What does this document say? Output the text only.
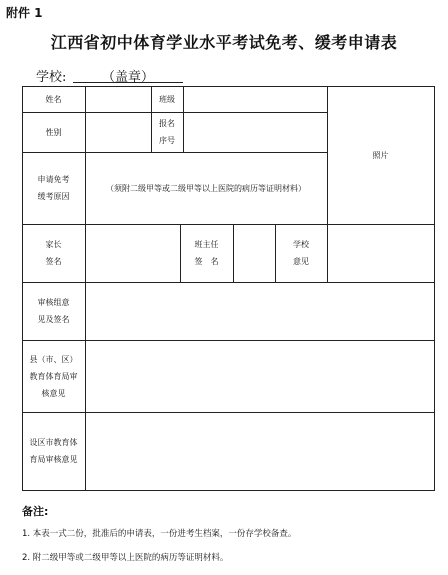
附件 1
江西省初中体育学业水平考试免考、缓考申请表
学校:	（盖章）
姓名	班级
性别
报名
序号
照片
申请免考
缓考原因
（须附二级甲等或二级甲等以上医院的病历等证明材料）
家长
签名
班主任
签　名
学校
意见
审核组意
见及签名
县（市、区）
教育体育局审
核意见
设区市教育体
育局审核意见
备注:
1. 本表一式二份，批准后的申请表，一份进考生档案，一份存学校备查。
2. 附二级甲等或二级甲等以上医院的病历等证明材料。
